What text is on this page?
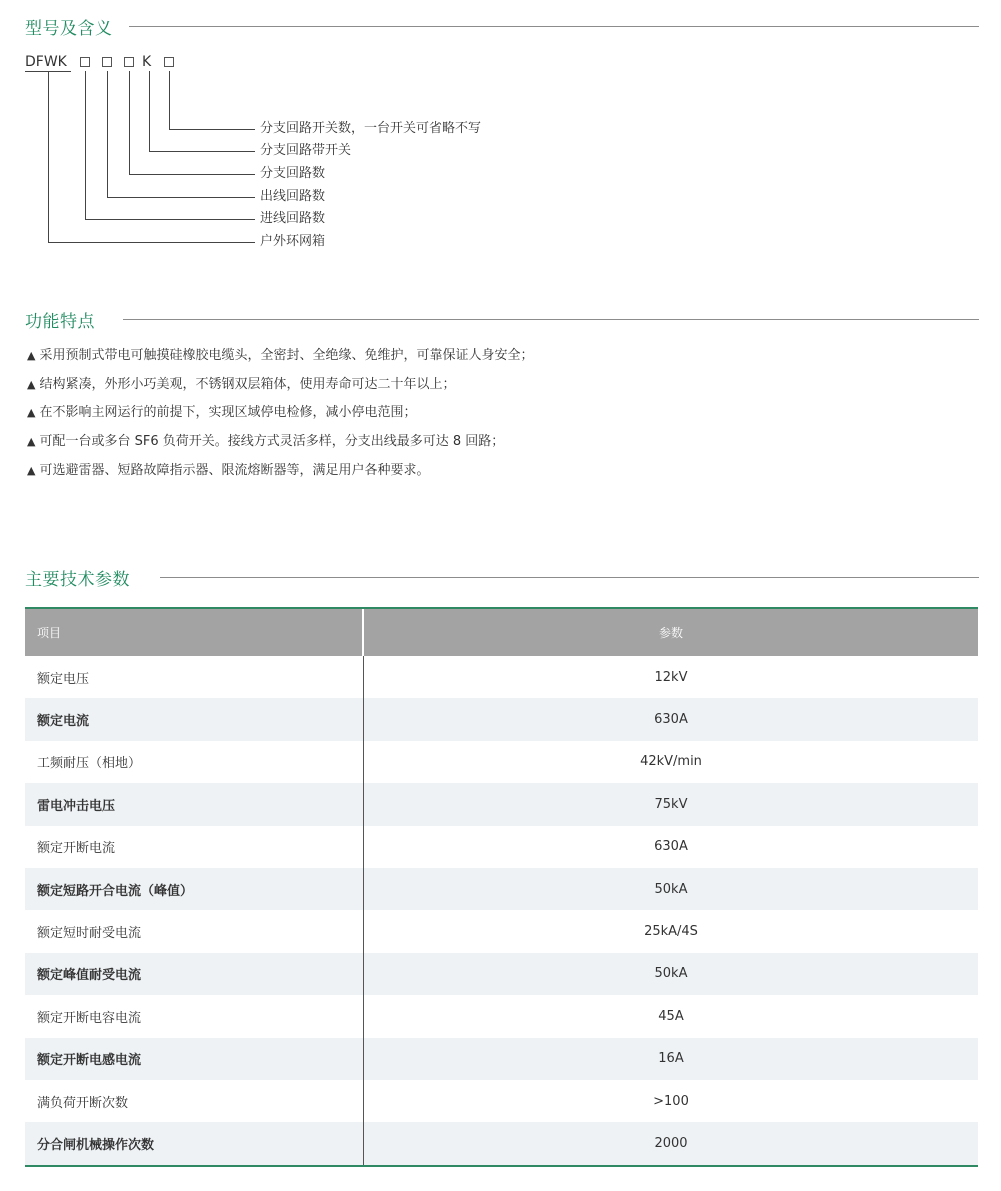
型号及含义
DFWK	K
分支回路开关数，一台开关可省略不写
分支回路带开关
分支回路数
出线回路数
进线回路数
户外环网箱
功能特点
▲ 采用预制式带电可触摸硅橡胶电缆头，全密封、全绝缘、免维护，可靠保证人身安全；
▲ 结构紧凑，外形小巧美观，不锈钢双层箱体，使用寿命可达二十年以上；
▲ 在不影响主网运行的前提下，实现区域停电检修，减小停电范围；
▲ 可配一台或多台 SF6 负荷开关。接线方式灵活多样，分支出线最多可达 8 回路；
▲ 可选避雷器、短路故障指示器、限流熔断器等，满足用户各种要求。
主要技术参数
项目	参数
额定电压	12kV
额定电流	630A
工频耐压（相地）	42kV/min
雷电冲击电压	75kV
额定开断电流	630A
额定短路开合电流（峰值）	50kA
额定短时耐受电流	25kA/4S
额定峰值耐受电流	50kA
额定开断电容电流	45A
额定开断电感电流	16A
满负荷开断次数	>100
分合闸机械操作次数	2000
